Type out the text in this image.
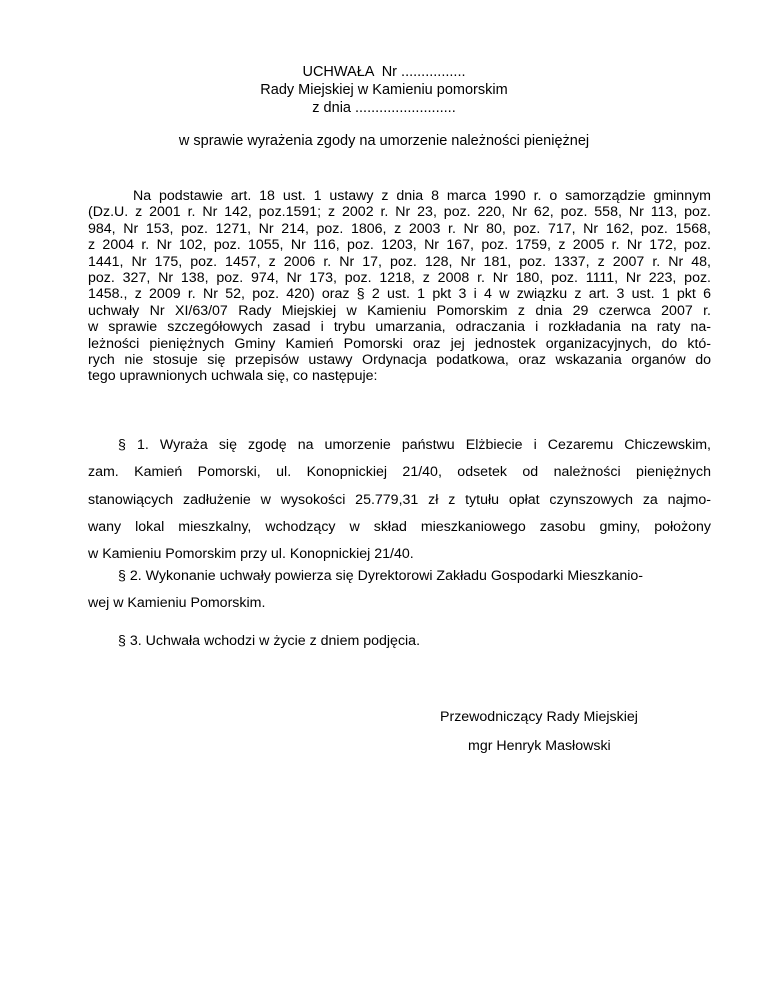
UCHWAŁA  Nr ................
Rady Miejskiej w Kamieniu pomorskim
z dnia .........................
w sprawie wyrażenia zgody na umorzenie należności pieniężnej
Na podstawie art. 18 ust. 1 ustawy z dnia 8 marca 1990 r. o samorządzie gminnym
(Dz.U. z 2001 r. Nr 142, poz.1591; z 2002 r. Nr 23, poz. 220, Nr 62, poz. 558, Nr 113, poz.
984, Nr 153, poz. 1271, Nr 214, poz. 1806, z 2003 r. Nr 80, poz. 717, Nr 162, poz. 1568,
z 2004 r. Nr 102, poz. 1055, Nr 116, poz. 1203, Nr 167, poz. 1759, z 2005 r. Nr 172, poz.
1441, Nr 175, poz. 1457, z 2006 r. Nr 17, poz. 128, Nr 181, poz. 1337, z 2007 r. Nr 48,
poz. 327, Nr 138, poz. 974, Nr 173, poz. 1218, z 2008 r. Nr 180, poz. 1111, Nr 223, poz.
1458., z 2009 r. Nr 52, poz. 420) oraz § 2 ust. 1 pkt 3 i 4 w związku z art. 3 ust. 1 pkt 6
uchwały Nr XI/63/07 Rady Miejskiej w Kamieniu Pomorskim z dnia 29 czerwca 2007 r.
w sprawie szczegółowych zasad i trybu umarzania, odraczania i rozkładania na raty na-
leżności pieniężnych Gminy Kamień Pomorski oraz jej jednostek organizacyjnych, do któ-
rych nie stosuje się przepisów ustawy Ordynacja podatkowa, oraz wskazania organów do
tego uprawnionych uchwala się, co następuje:
§ 1. Wyraża się zgodę na umorzenie państwu Elżbiecie i Cezaremu Chiczewskim,
zam. Kamień Pomorski, ul. Konopnickiej 21/40, odsetek od należności pieniężnych
stanowiących zadłużenie w wysokości 25.779,31 zł z tytułu opłat czynszowych za najmo-
wany lokal mieszkalny, wchodzący w skład mieszkaniowego zasobu gminy, położony
w Kamieniu Pomorskim przy ul. Konopnickiej 21/40.
§ 2. Wykonanie uchwały powierza się Dyrektorowi Zakładu Gospodarki Mieszkanio-
wej w Kamieniu Pomorskim.
§ 3. Uchwała wchodzi w życie z dniem podjęcia.
Przewodniczący Rady Miejskiej
mgr Henryk Masłowski
